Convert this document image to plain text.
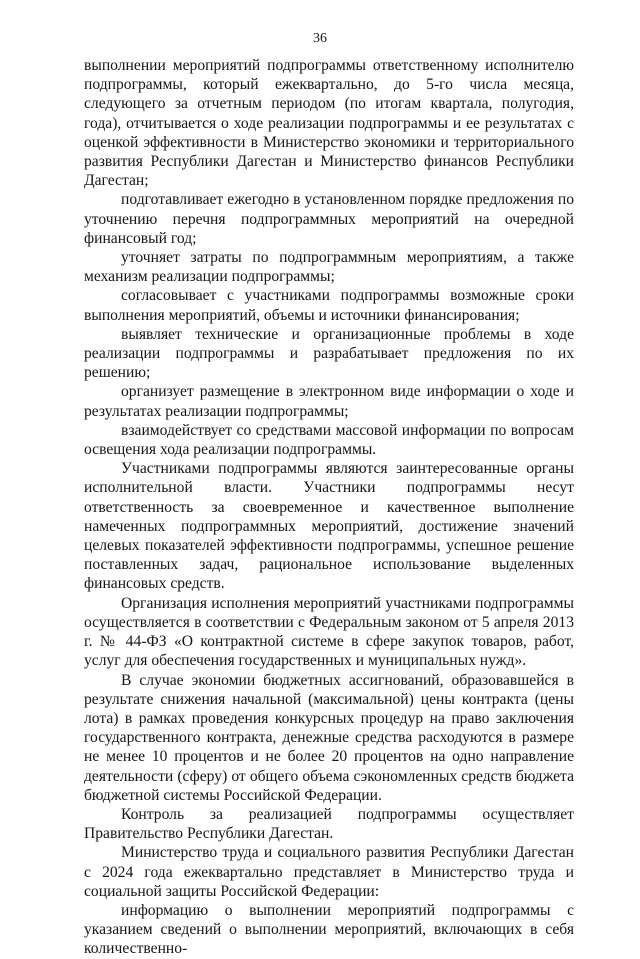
36

выполнении мероприятий подпрограммы ответственному исполнителю подпрограммы, который ежеквартально, до 5-го числа месяца, следующего за отчетным периодом (по итогам квартала, полугодия, года), отчитывается о ходе реализации подпрограммы и ее результатах с оценкой эффективности в Министерство экономики и территориального развития Республики Дагестан и Министерство финансов Республики Дагестан;

подготавливает ежегодно в установленном порядке предложения по уточнению перечня подпрограммных мероприятий на очередной финансовый год;

уточняет затраты по подпрограммным мероприятиям, а также механизм реализации подпрограммы;

согласовывает с участниками подпрограммы возможные сроки выполнения мероприятий, объемы и источники финансирования;

выявляет технические и организационные проблемы в ходе реализации подпрограммы и разрабатывает предложения по их решению;

организует размещение в электронном виде информации о ходе и результатах реализации подпрограммы;

взаимодействует со средствами массовой информации по вопросам освещения хода реализации подпрограммы.

Участниками подпрограммы являются заинтересованные органы исполнительной власти. Участники подпрограммы несут ответственность за своевременное и качественное выполнение намеченных подпрограммных мероприятий, достижение значений целевых показателей эффективности подпрограммы, успешное решение поставленных задач, рациональное использование выделенных финансовых средств.

Организация исполнения мероприятий участниками подпрограммы осуществляется в соответствии с Федеральным законом от 5 апреля 2013 г. № 44-ФЗ «О контрактной системе в сфере закупок товаров, работ, услуг для обеспечения государственных и муниципальных нужд».

В случае экономии бюджетных ассигнований, образовавшейся в результате снижения начальной (максимальной) цены контракта (цены лота) в рамках проведения конкурсных процедур на право заключения государственного контракта, денежные средства расходуются в размере не менее 10 процентов и не более 20 процентов на одно направление деятельности (сферу) от общего объема сэкономленных средств бюджета бюджетной системы Российской Федерации.

Контроль за реализацией подпрограммы осуществляет Правительство Республики Дагестан.

Министерство труда и социального развития Республики Дагестан с 2024 года ежеквартально представляет в Министерство труда и социальной защиты Российской Федерации:

информацию о выполнении мероприятий подпрограммы с указанием сведений о выполнении мероприятий, включающих в себя количественно-
